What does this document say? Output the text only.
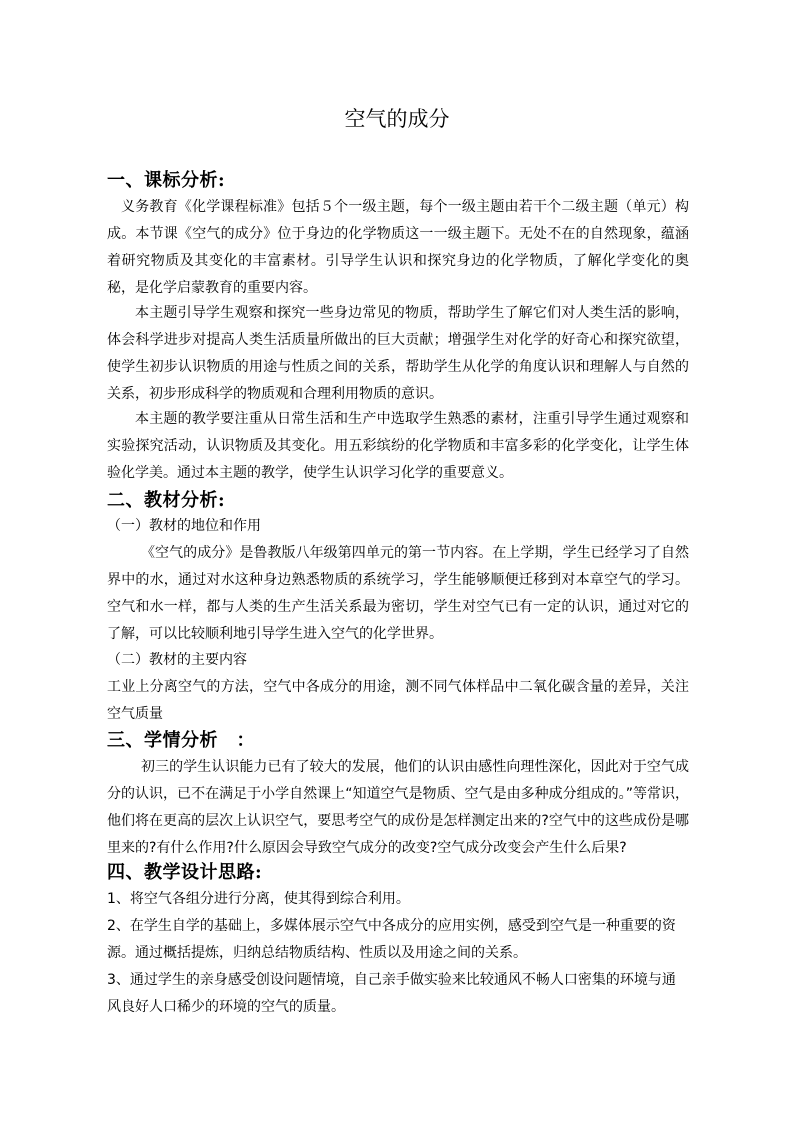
空气的成分
一、课标分析:
义务教育《化学课程标准》包括５个一级主题，每个一级主题由若干个二级主题（单元）构成。本节课《空气的成分》位于身边的化学物质这一一级主题下。无处不在的自然现象，蕴涵着研究物质及其变化的丰富素材。引导学生认识和探究身边的化学物质，了解化学变化的奥秘，是化学启蒙教育的重要内容。
本主题引导学生观察和探究一些身边常见的物质，帮助学生了解它们对人类生活的影响，体会科学进步对提高人类生活质量所做出的巨大贡献；增强学生对化学的好奇心和探究欲望，使学生初步认识物质的用途与性质之间的关系，帮助学生从化学的角度认识和理解人与自然的关系，初步形成科学的物质观和合理利用物质的意识。
本主题的教学要注重从日常生活和生产中选取学生熟悉的素材，注重引导学生通过观察和实验探究活动，认识物质及其变化。用五彩缤纷的化学物质和丰富多彩的化学变化，让学生体验化学美。通过本主题的教学，使学生认识学习化学的重要意义。
二、教材分析:
（一）教材的地位和作用
《空气的成分》是鲁教版八年级第四单元的第一节内容。在上学期，学生已经学习了自然界中的水，通过对水这种身边熟悉物质的系统学习，学生能够顺便迁移到对本章空气的学习。空气和水一样，都与人类的生产生活关系最为密切，学生对空气已有一定的认识，通过对它的了解，可以比较顺利地引导学生进入空气的化学世界。
（二）教材的主要内容
工业上分离空气的方法，空气中各成分的用途，测不同气体样品中二氧化碳含量的差异，关注空气质量
三、学情分析　：
初三的学生认识能力已有了较大的发展，他们的认识由感性向理性深化，因此对于空气成分的认识，已不在满足于小学自然课上“知道空气是物质、空气是由多种成分组成的。”等常识，他们将在更高的层次上认识空气，要思考空气的成份是怎样测定出来的?空气中的这些成份是哪里来的?有什么作用?什么原因会导致空气成分的改变?空气成分改变会产生什么后果?
四、教学设计思路:
1、将空气各组分进行分离，使其得到综合利用。
2、在学生自学的基础上，多媒体展示空气中各成分的应用实例，感受到空气是一种重要的资源。通过概括提炼，归纳总结物质结构、性质以及用途之间的关系。
3、通过学生的亲身感受创设问题情境，自己亲手做实验来比较通风不畅人口密集的环境与通风良好人口稀少的环境的空气的质量。
